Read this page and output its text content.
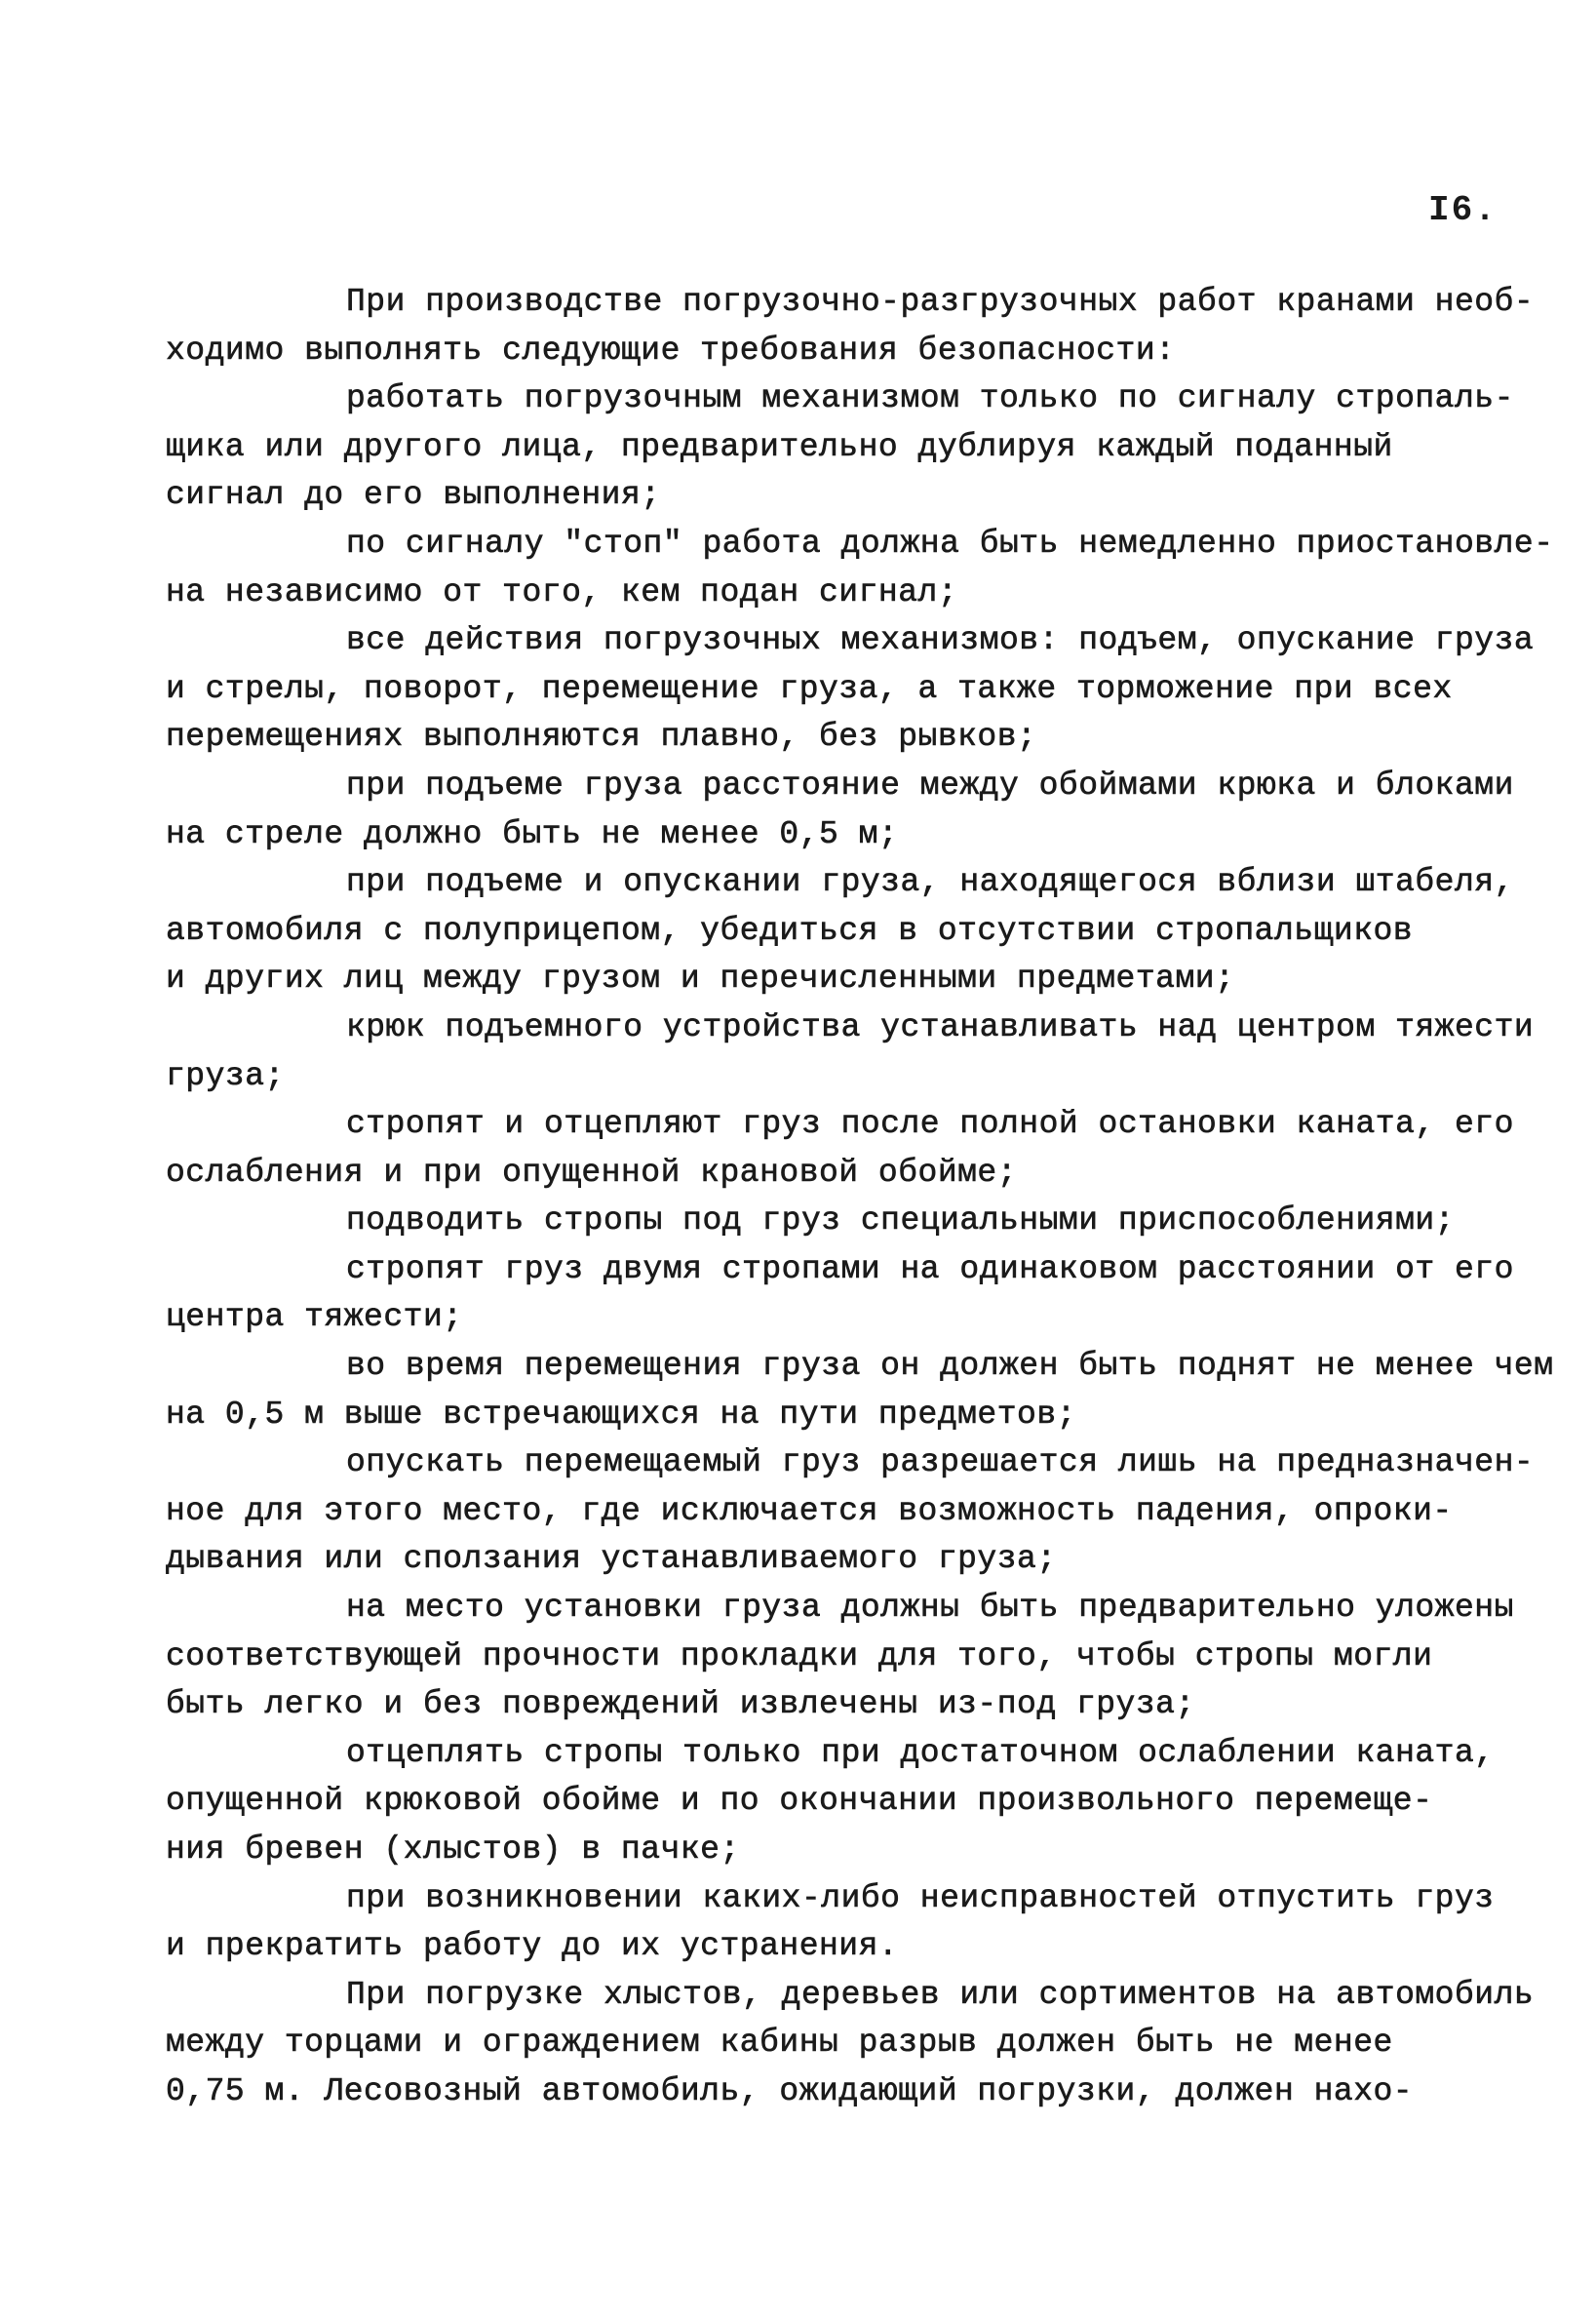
I6.
При производстве погрузочно-разгрузочных работ кранами необ-
ходимо выполнять следующие требования безопасности:
работать погрузочным механизмом только по сигналу стропаль-
щика или другого лица, предварительно дублируя каждый поданный
сигнал до его выполнения;
по сигналу "стоп" работа должна быть немедленно приостановле-
на независимо от того, кем подан сигнал;
все действия погрузочных механизмов: подъем, опускание груза
и стрелы, поворот, перемещение груза, а также торможение при всех
перемещениях выполняются плавно, без рывков;
при подъеме груза расстояние между обоймами крюка и блоками
на стреле должно быть не менее 0,5 м;
при подъеме и опускании груза, находящегося вблизи штабеля,
автомобиля с полуприцепом, убедиться в отсутствии стропальщиков
и других лиц между грузом и перечисленными предметами;
крюк подъемного устройства устанавливать над центром тяжести
груза;
стропят и отцепляют груз после полной остановки каната, его
ослабления и при опущенной крановой обойме;
подводить стропы под груз специальными приспособлениями;
стропят груз двумя стропами на одинаковом расстоянии от его
центра тяжести;
во время перемещения груза он должен быть поднят не менее чем
на 0,5 м выше встречающихся на пути предметов;
опускать перемещаемый груз разрешается лишь на предназначен-
ное для этого место, где исключается возможность падения, опроки-
дывания или сползания устанавливаемого груза;
на место установки груза должны быть предварительно уложены
соответствующей прочности прокладки для того, чтобы стропы могли
быть легко и без повреждений извлечены из-под груза;
отцеплять стропы только при достаточном ослаблении каната,
опущенной крюковой обойме и по окончании произвольного перемеще-
ния бревен (хлыстов) в пачке;
при возникновении каких-либо неисправностей отпустить груз
и прекратить работу до их устранения.
При погрузке хлыстов, деревьев или сортиментов на автомобиль
между торцами и ограждением кабины разрыв должен быть не менее
0,75 м. Лесовозный автомобиль, ожидающий погрузки, должен нахо-
